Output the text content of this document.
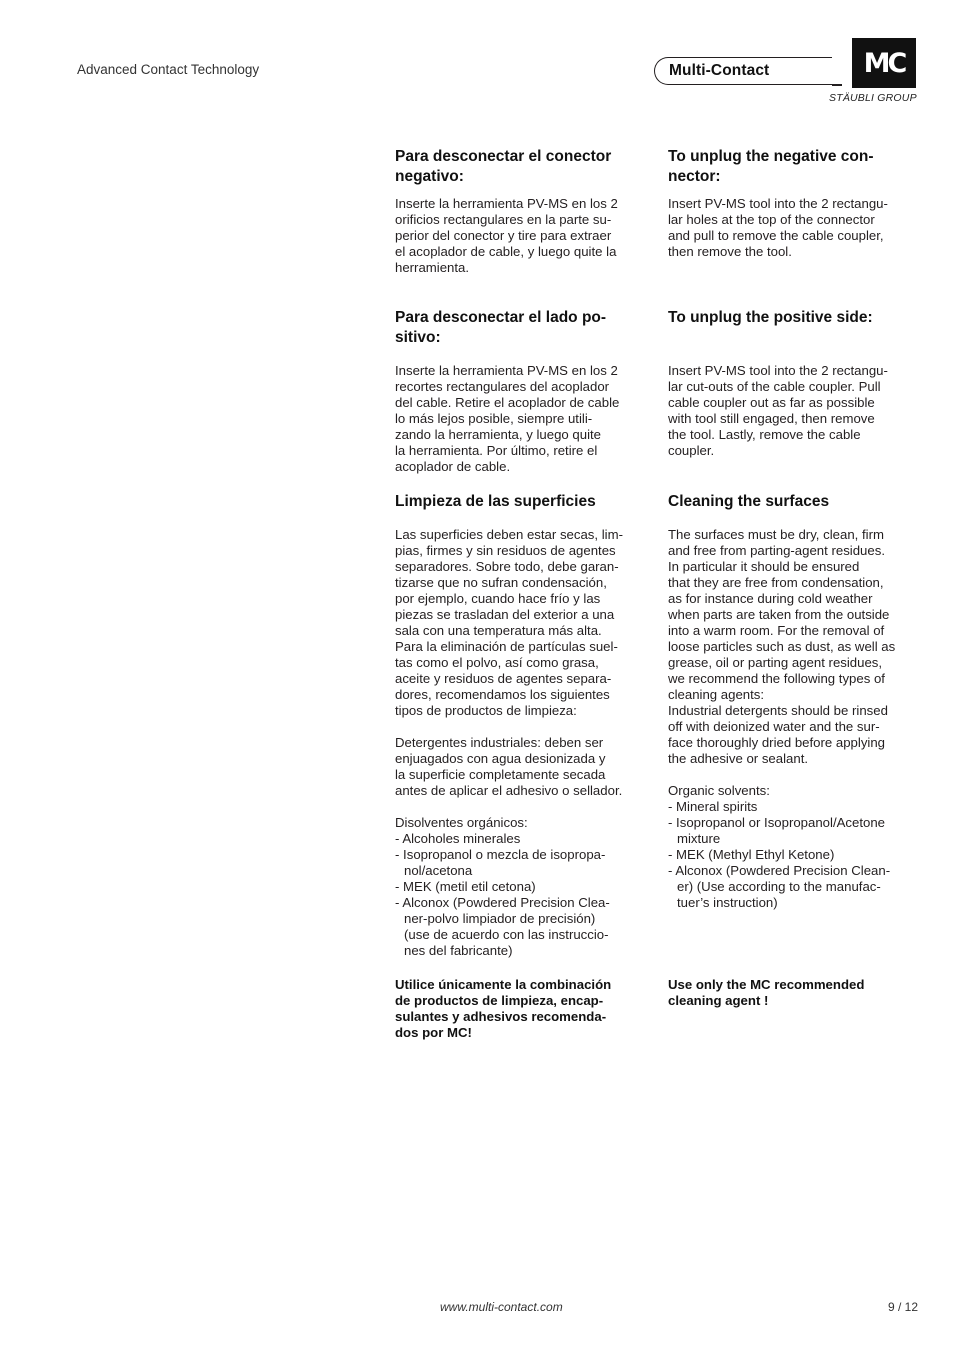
Advanced Contact Technology	Multi-Contact	MC
STÄUBLI GROUP

Para desconectar el conector
negativo:

Inserte la herramienta PV-MS en los 2
orificios rectangulares en la parte su-
perior del conector y tire para extraer
el acoplador de cable, y luego quite la
herramienta.

Para desconectar el lado po-
sitivo:

Inserte la herramienta PV-MS en los 2
recortes rectangulares del acoplador
del cable. Retire el acoplador de cable
lo más lejos posible, siempre utili-
zando la herramienta, y luego quite
la herramienta. Por último, retire el
acoplador de cable.

Limpieza de las superficies

Las superficies deben estar secas, lim-
pias, firmes y sin residuos de agentes
separadores. Sobre todo, debe garan-
tizarse que no sufran condensación,
por ejemplo, cuando hace frío y las
piezas se trasladan del exterior a una
sala con una temperatura más alta.
Para la eliminación de partículas suel-
tas como el polvo, así como grasa,
aceite y residuos de agentes separa-
dores, recomendamos los siguientes
tipos de productos de limpieza:

Detergentes industriales: deben ser
enjuagados con agua desionizada y
la superficie completamente secada
antes de aplicar el adhesivo o sellador.

Disolventes orgánicos:

- Alcoholes minerales
- Isopropanol o mezcla de isopropa-
nol/acetona
- MEK (metil etil cetona)
- Alconox (Powdered Precision Clea-
ner-polvo limpiador de precisión)
(use de acuerdo con las instruccio-
nes del fabricante)

Utilice únicamente la combinación
de productos de limpieza, encap-
sulantes y adhesivos recomenda-
dos por MC!

To unplug the negative con-
nector:

Insert PV-MS tool into the 2 rectangu-
lar holes at the top of the connector
and pull to remove the cable coupler,
then remove the tool.

To unplug the positive side:

Insert PV-MS tool into the 2 rectangu-
lar cut-outs of the cable coupler. Pull
cable coupler out as far as possible
with tool still engaged, then remove
the tool. Lastly, remove the cable
coupler.

Cleaning the surfaces

The surfaces must be dry, clean, firm
and free from parting-agent residues.
In particular it should be ensured
that they are free from condensation,
as for instance during cold weather
when parts are taken from the outside
into a warm room. For the removal of
loose particles such as dust, as well as
grease, oil or parting agent residues,
we recommend the following types of
cleaning agents:
Industrial detergents should be rinsed
off with deionized water and the sur-
face thoroughly dried before applying
the adhesive or sealant.

Organic solvents:

- Mineral spirits
- Isopropanol or Isopropanol/Acetone
mixture
- MEK (Methyl Ethyl Ketone)
- Alconox (Powdered Precision Clean-
er) (Use according to the manufac-
tuer’s instruction)

Use only the MC recommended
cleaning agent !

www.multi-contact.com	9 / 12
